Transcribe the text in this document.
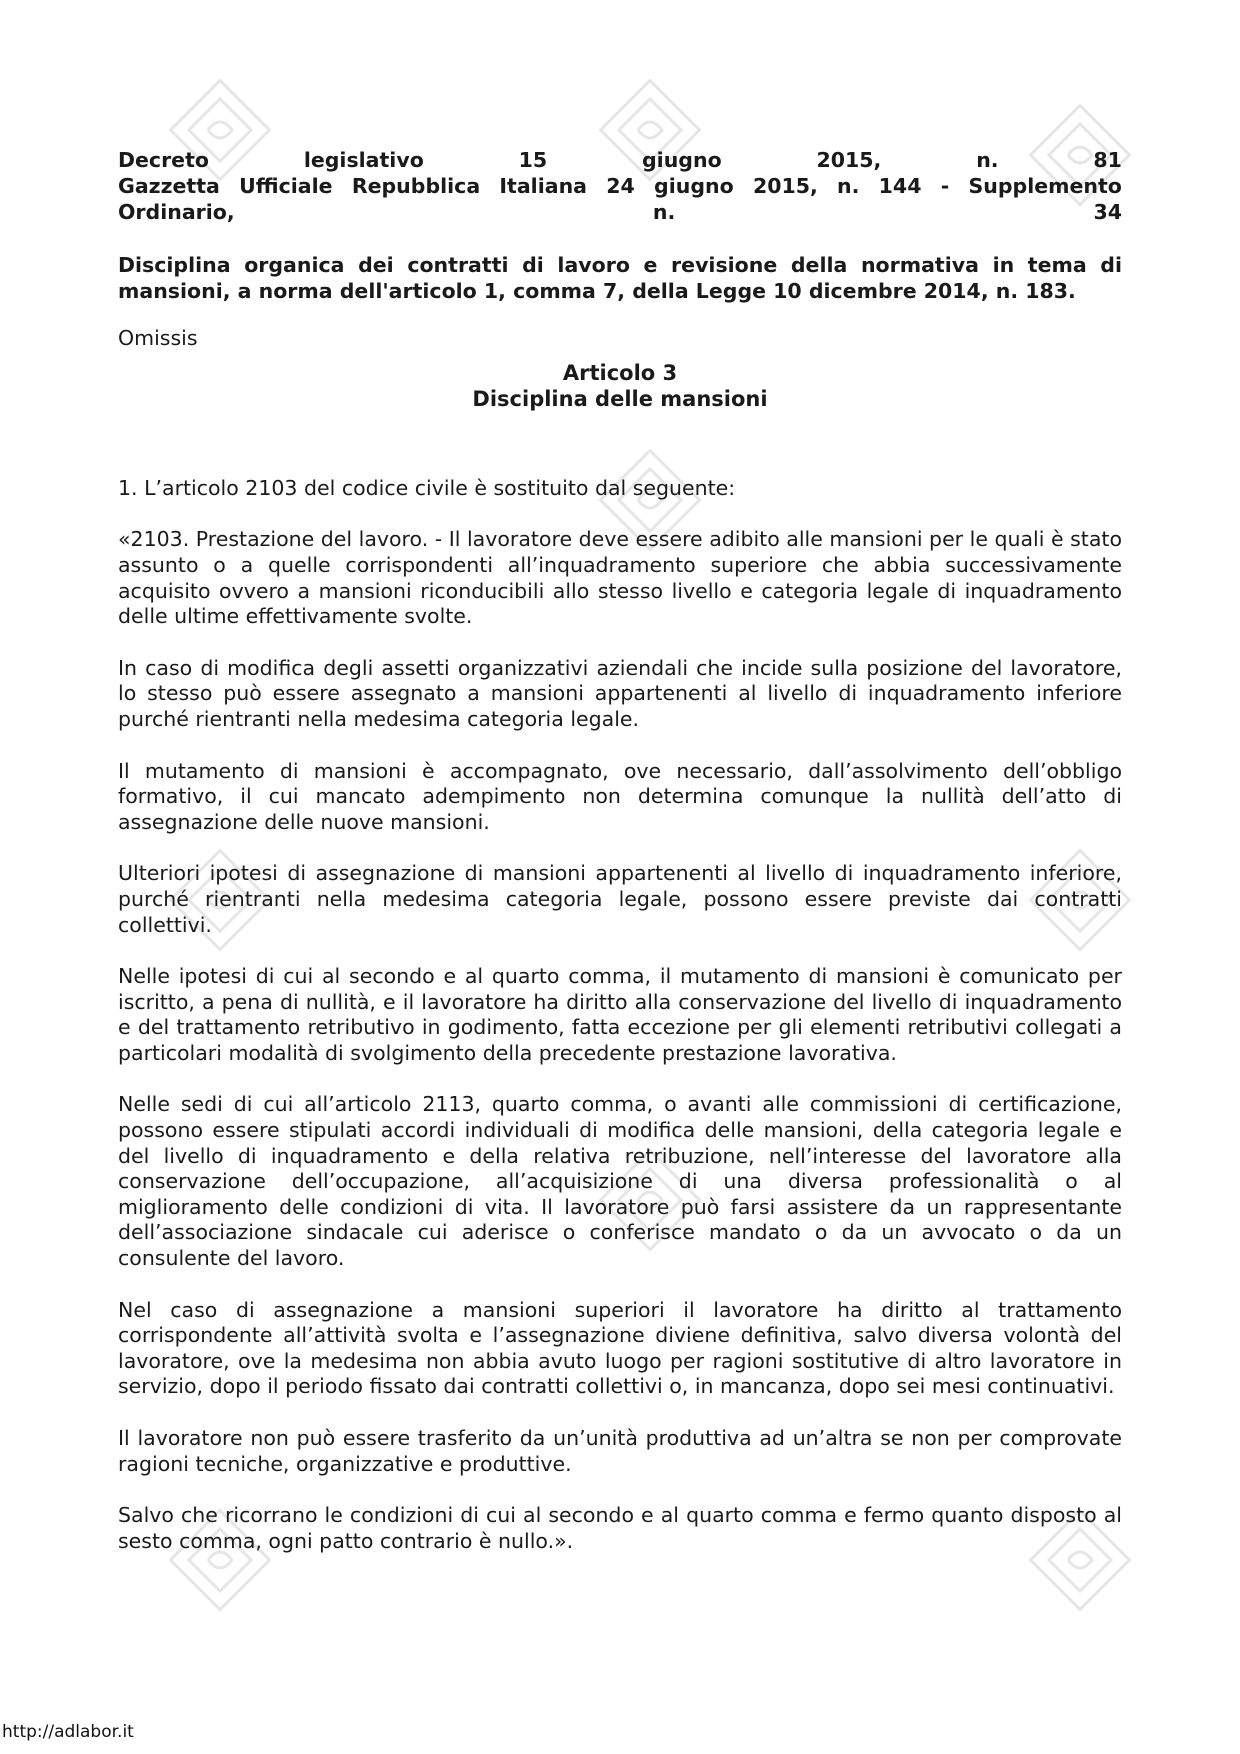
Decreto	legislativo	15	giugno	2015,	n.	81
Gazzetta Ufficiale Repubblica Italiana 24 giugno 2015, n. 144 - Supplemento
Ordinario,	n.	34

Disciplina organica dei contratti di lavoro e revisione della normativa in tema di mansioni, a norma dell'articolo 1, comma 7, della Legge 10 dicembre 2014, n. 183.

Omissis

Articolo 3
Disciplina delle mansioni

1. L’articolo 2103 del codice civile è sostituito dal seguente:

«2103. Prestazione del lavoro. - Il lavoratore deve essere adibito alle mansioni per le quali è stato assunto o a quelle corrispondenti all’inquadramento superiore che abbia successivamente acquisito ovvero a mansioni riconducibili allo stesso livello e categoria legale di inquadramento delle ultime effettivamente svolte.

In caso di modifica degli assetti organizzativi aziendali che incide sulla posizione del lavoratore, lo stesso può essere assegnato a mansioni appartenenti al livello di inquadramento inferiore purché rientranti nella medesima categoria legale.

Il mutamento di mansioni è accompagnato, ove necessario, dall’assolvimento dell’obbligo formativo, il cui mancato adempimento non determina comunque la nullità dell’atto di assegnazione delle nuove mansioni.

Ulteriori ipotesi di assegnazione di mansioni appartenenti al livello di inquadramento inferiore, purché rientranti nella medesima categoria legale, possono essere previste dai contratti collettivi.

Nelle ipotesi di cui al secondo e al quarto comma, il mutamento di mansioni è comunicato per iscritto, a pena di nullità, e il lavoratore ha diritto alla conservazione del livello di inquadramento e del trattamento retributivo in godimento, fatta eccezione per gli elementi retributivi collegati a particolari modalità di svolgimento della precedente prestazione lavorativa.

Nelle sedi di cui all’articolo 2113, quarto comma, o avanti alle commissioni di certificazione, possono essere stipulati accordi individuali di modifica delle mansioni, della categoria legale e del livello di inquadramento e della relativa retribuzione, nell’interesse del lavoratore alla conservazione dell’occupazione, all’acquisizione di una diversa professionalità o al miglioramento delle condizioni di vita. Il lavoratore può farsi assistere da un rappresentante dell’associazione sindacale cui aderisce o conferisce mandato o da un avvocato o da un consulente del lavoro.

Nel caso di assegnazione a mansioni superiori il lavoratore ha diritto al trattamento corrispondente all’attività svolta e l’assegnazione diviene definitiva, salvo diversa volontà del lavoratore, ove la medesima non abbia avuto luogo per ragioni sostitutive di altro lavoratore in servizio, dopo il periodo fissato dai contratti collettivi o, in mancanza, dopo sei mesi continuativi.

Il lavoratore non può essere trasferito da un’unità produttiva ad un’altra se non per comprovate ragioni tecniche, organizzative e produttive.

Salvo che ricorrano le condizioni di cui al secondo e al quarto comma e fermo quanto disposto al sesto comma, ogni patto contrario è nullo.».

http://adlabor.it
